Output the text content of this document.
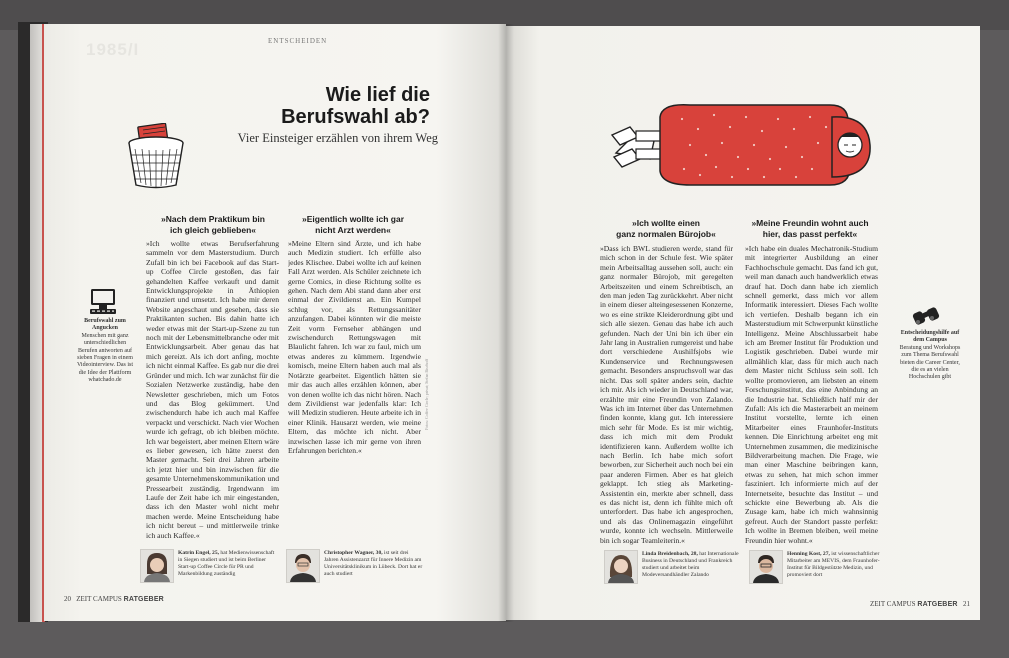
1985/I	ENTSCHEIDEN
Wie lief die
Berufswahl ab?
Vier Einsteiger erzählen von ihrem Weg
»Nach dem Praktikum bin
ich gleich geblieben«
»Eigentlich wollte ich gar
nicht Arzt werden«
»Ich wollte einen
ganz normalen Bürojob«
»Meine Freundin wohnt auch
hier, das passt perfekt«

»Ich wollte etwas Berufserfahrung sammeln vor dem Masterstudium. Durch Zufall bin ich bei Facebook auf das Start-up Coffee Circle gestoßen, das fair gehandelten Kaffee verkauft und damit Entwicklungsprojekte in Äthiopien finanziert und umsetzt. Ich habe mir deren Website angeschaut und gesehen, dass sie Praktikanten suchen. Bis dahin hatte ich weder etwas mit der Start-up-Szene zu tun noch mit der Lebensmittelbranche oder mit Entwicklungsarbeit. Aber genau das hat mich gereizt. Als ich dort anfing, mochte ich nicht einmal Kaffee. Es gab nur die drei Gründer und mich. Ich war zunächst für die Sozialen Netzwerke zuständig, habe den Newsletter geschrieben, mich um Fotos und das Blog gekümmert. Und zwischendurch habe ich auch mal Kaffee verpackt und verschickt. Nach vier Wochen wurde ich gefragt, ob ich bleiben möchte. Ich war begeistert, aber meinen Eltern wäre es lieber gewesen, ich hätte zuerst den Master gemacht. Seit drei Jahren arbeite ich jetzt hier und bin inzwischen für die gesamte Unternehmenskommunikation und Pressearbeit zuständig. Irgendwann im Laufe der Zeit habe ich mir eingestanden, dass ich den Master wohl nicht mehr machen werde. Meine Entscheidung habe ich nicht bereut – und mittlerweile trinke ich auch Kaffee.«

»Meine Eltern sind Ärzte, und ich habe auch Medizin studiert. Ich erfülle also jedes Klischee. Dabei wollte ich auf keinen Fall Arzt werden. Als Schüler zeichnete ich gerne Comics, in diese Richtung sollte es gehen. Nach dem Abi stand dann aber erst einmal der Zivildienst an. Ein Kumpel schlug vor, als Rettungssanitäter anzufangen. Dabei könnten wir die meiste Zeit vorm Fernseher abhängen und zwischendurch Rettungswagen mit Blaulicht fahren. Ich war zu faul, mich um etwas anderes zu kümmern. Irgendwie komisch, meine Eltern haben auch mal als Notärzte gearbeitet. Eigentlich hätten sie mir das auch alles erzählen können, aber von denen wollte ich das nicht hören. Nach dem Zivildienst war jedenfalls klar: Ich will Medizin studieren. Heute arbeite ich in einer Klinik. Hausarzt werden, wie meine Eltern, das möchte ich nicht. Aber inzwischen lasse ich mir gerne von ihren Erfahrungen berichten.«

»Dass ich BWL studieren werde, stand für mich schon in der Schule fest. Wie später mein Arbeitsalltag aussehen soll, auch: ein ganz normaler Bürojob, mit geregelten Arbeitszeiten und einem Schreibtisch, an den man jeden Tag zurückkehrt. Aber nicht in einem dieser alteingesessenen Konzerne, wo es eine strikte Kleiderordnung gibt und sich alle siezen. Genau das habe ich auch gefunden. Nach der Uni bin ich über ein Jahr lang in Australien rumgereist und habe dort verschiedene Aushilfsjobs wie Kundenservice und Rechnungswesen gemacht. Besonders anspruchsvoll war das nicht. Das soll später anders sein, dachte ich mir. Als ich wieder in Deutschland war, erzählte mir eine Freundin von Zalando. Was ich im Internet über das Unternehmen finden konnte, klang gut. Ich interessiere mich sehr für Mode. Es ist mir wichtig, dass ich mich mit dem Produkt identifizieren kann. Außerdem wollte ich nach Berlin. Ich habe mich sofort beworben, zur Sicherheit auch noch bei ein paar anderen Firmen. Aber es hat gleich geklappt. Ich stieg als Marketing-Assistentin ein, merkte aber schnell, dass es das nicht ist, denn ich fühlte mich oft unterfordert. Das habe ich angesprochen, und als das Onlinemagazin eingeführt wurde, konnte ich wechseln. Mittlerweile bin ich sogar Teamleiterin.«

»Ich habe ein duales Mechatronik-Studium mit integrierter Ausbildung an einer Fachhochschule gemacht. Das fand ich gut, weil man danach auch handwerklich etwas drauf hat. Doch dann habe ich ziemlich schnell gemerkt, dass mich vor allem Informatik interessiert. Dieses Fach wollte ich vertiefen. Deshalb begann ich ein Masterstudium mit Schwerpunkt künstliche Intelligenz. Meine Abschlussarbeit habe ich am Bremer Institut für Produktion und Logistik geschrieben. Dabei wurde mir allmählich klar, dass für mich auch nach dem Master nicht Schluss sein soll. Ich wollte promovieren, am liebsten an einem Forschungsinstitut, das eine Anbindung an die Industrie hat. Schließlich half mir der Zufall: Als ich die Masterarbeit an meinem Institut vorstellte, lernte ich einen Mitarbeiter eines Fraunhofer-Instituts kennen. Die Einrichtung arbeitet eng mit Unternehmen zusammen, die medizinische Bildverarbeitung machen. Die Frage, wie man einer Maschine beibringen kann, etwas zu sehen, hat mich schon immer fasziniert. Ich informierte mich auf der Internetseite, besuchte das Institut – und schickte eine Bewerbung ab. Als die Zusage kam, habe ich mich wahnsinnig gefreut. Auch der Standort passte perfekt: Ich wollte in Bremen bleiben, weil meine Freundin hier wohnt.«

Fotos: Coffee Circle; privat; Stefan Bischoff
Berufswahl zum Angucken
Menschen mit ganz unterschiedlichen Berufen antworten auf sieben Fragen in einem Videointerview. Das ist die Idee der Plattform whatchado.de
Entscheidungshilfe auf dem Campus
Beratung und Workshops zum Thema Berufswahl bieten die Career Center, die es an vielen Hochschulen gibt
Katrin Engel, 25, hat Medienwissenschaft in Siegen studiert und ist beim Berliner Start-up Coffee Circle für PR und Markenbildung zuständig
Christopher Wagner, 30, ist seit drei Jahren Assistenzarzt für Innere Medizin am Universitätsklinikum in Lübeck. Dort hat er auch studiert
Linda Breidenbach, 28, hat Internationale Business in Deutschland und Frankreich studiert und arbeitet beim Modeversandhändler Zalando
Henning Kost, 27, ist wissenschaftlicher Mitarbeiter am MEVIS, dem Fraunhofer-Institut für Bildgestützte Medizin, und promoviert dort
20 ZEIT CAMPUS RATGEBER
ZEIT CAMPUS RATGEBER 21
